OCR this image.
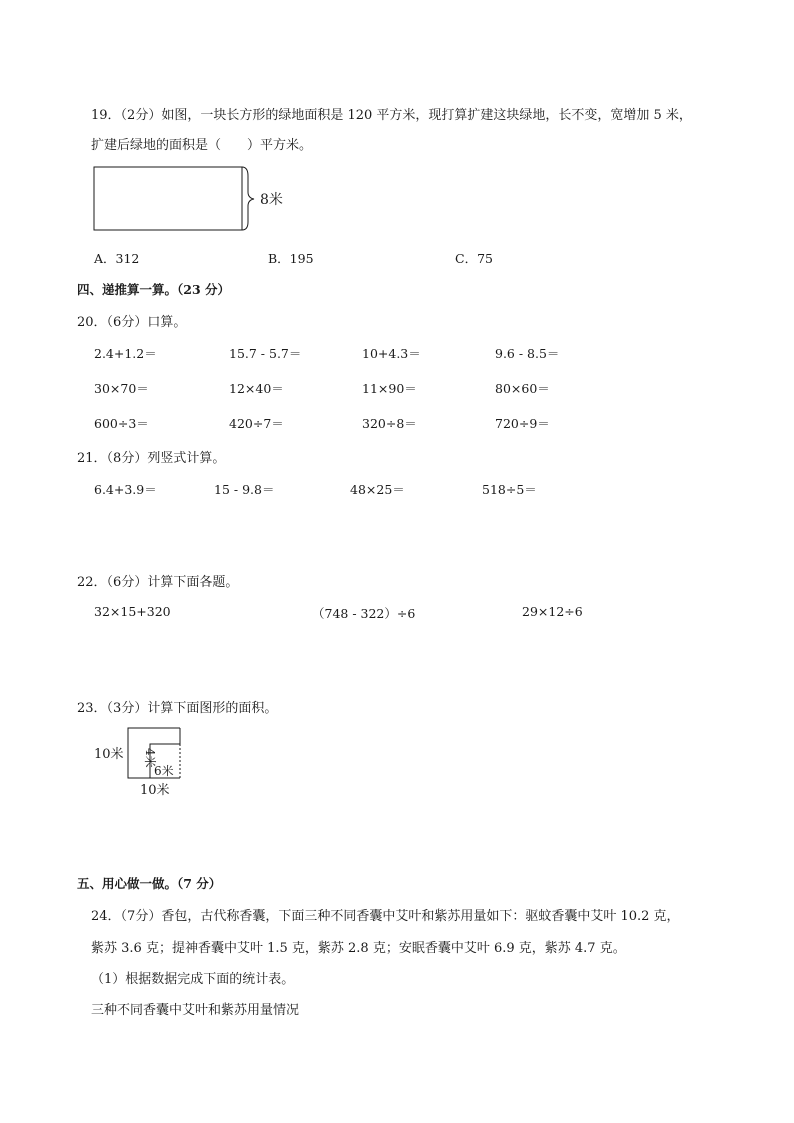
19．（2分）如图，一块长方形的绿地面积是 120 平方米，现打算扩建这块绿地，长不变，宽增加 5 米，
扩建后绿地的面积是（　　）平方米。
8米
A．312	B．195	C．75
四、递推算一算。（23 分）
20．（6分）口算。
2.4+1.2＝	15.7 - 5.7＝	10+4.3＝	9.6 - 8.5＝
30×70＝	12×40＝	11×90＝	80×60＝
600÷3＝	420÷7＝	320÷8＝	720÷9＝
21．（8分）列竖式计算。
6.4+3.9＝	15 - 9.8＝	48×25＝	518÷5＝
22．（6分）计算下面各题。
32×15+320	（748 - 322）÷6	29×12÷6
23．（3分）计算下面图形的面积。
10米 4米
6米
10米
五、用心做一做。（7 分）
24．（7分）香包，古代称香囊，下面三种不同香囊中艾叶和紫苏用量如下：驱蚊香囊中艾叶 10.2 克，
紫苏 3.6 克；提神香囊中艾叶 1.5 克，紫苏 2.8 克；安眠香囊中艾叶 6.9 克，紫苏 4.7 克。
（1）根据数据完成下面的统计表。
三种不同香囊中艾叶和紫苏用量情况
